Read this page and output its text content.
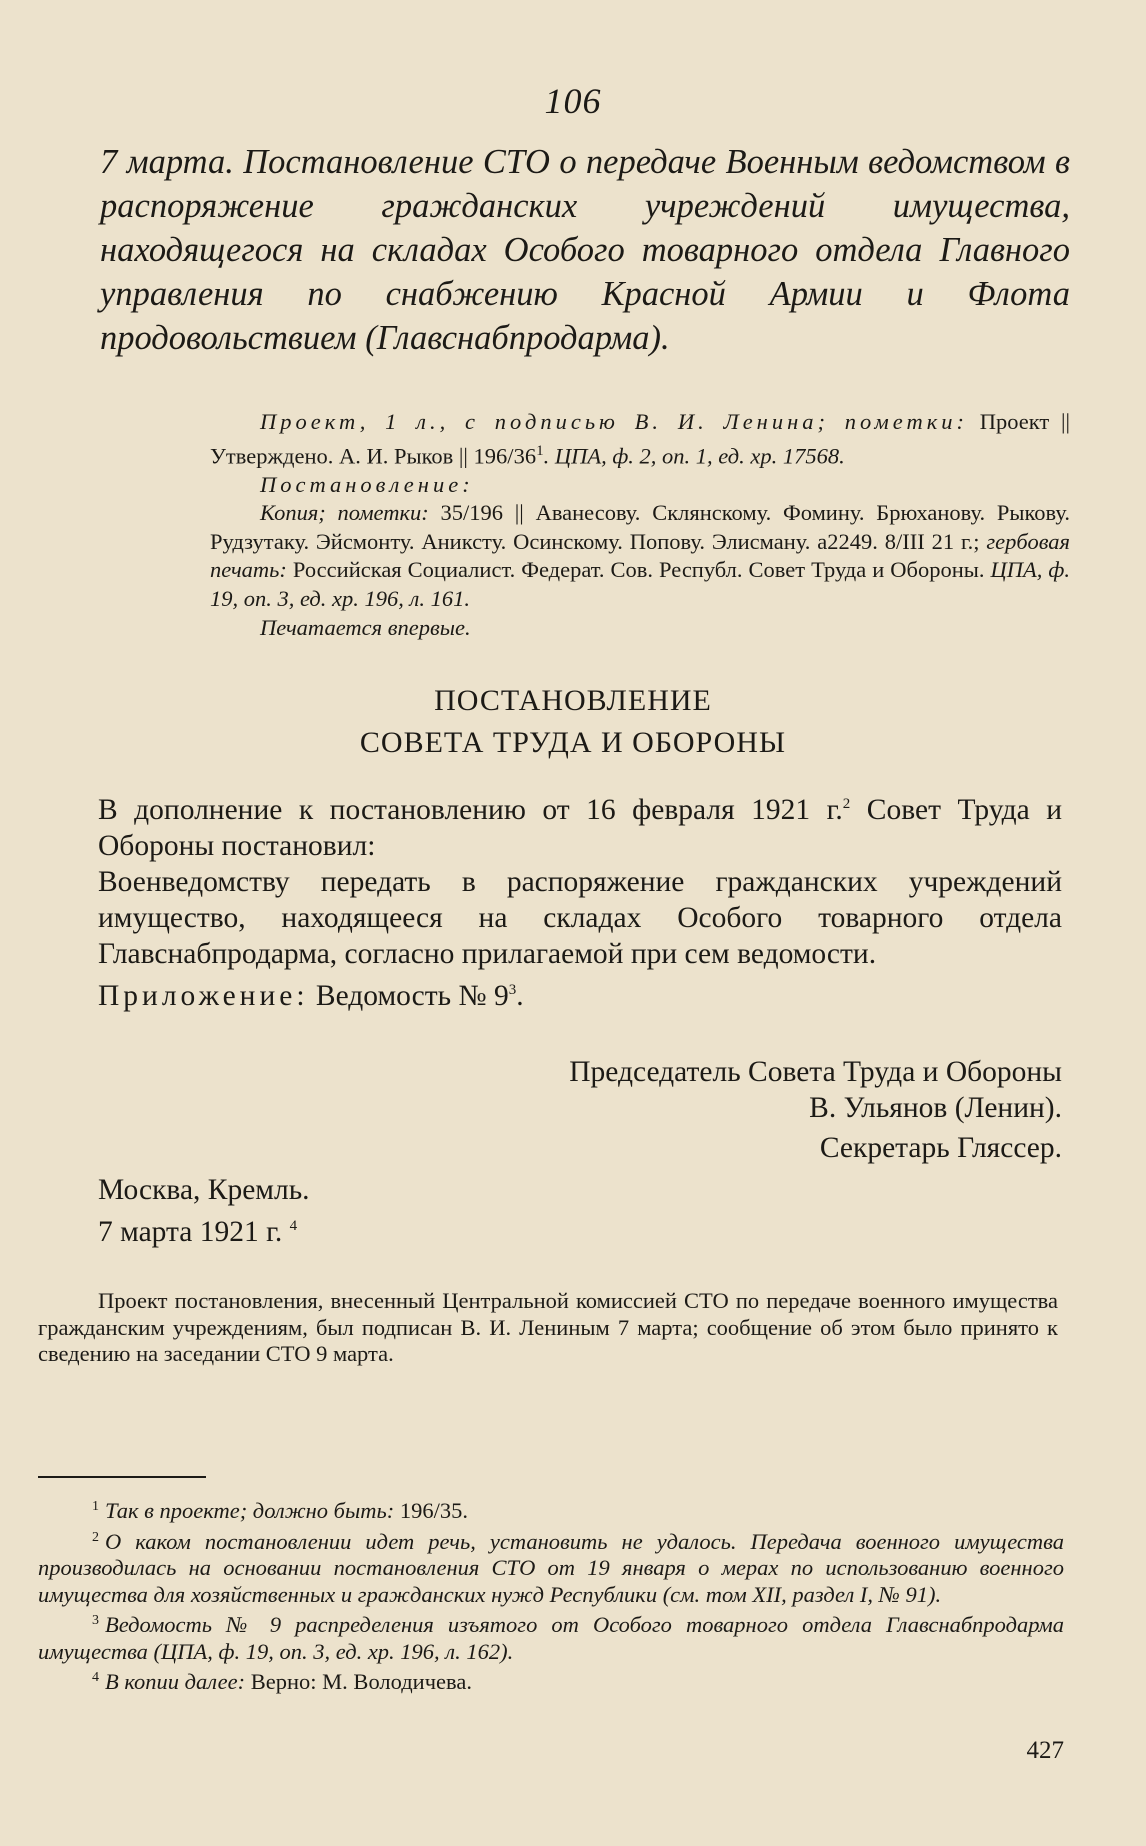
106

7 марта. Постановление СТО о передаче Военным ведомством в распоряжение гражданских учреждений имущества, находящегося на складах Особого товарного отдела Главного управления по снабжению Красной Армии и Флота продовольствием (Главснабпродарма).

Проект, 1 л., с подписью В. И. Ленина; пометки: Проект || Утверждено. А. И. Рыков || $196/36^1$. ЦПА, ф. 2, оп. 1, ед. хр. 17568.
Постановление:
Копия; пометки: 35/196 || Аванесову. Склянскому. Фомину. Брюханову. Рыкову. Рудзутаку. Эйсмонту. Аниксту. Осинскому. Попову. Элисману. а2249. 8/III 21 г.; гербовая печать: Российская Социалист. Федерат. Сов. Республ. Совет Труда и Обороны. ЦПА, ф. 19, оп. 3, ед. хр. 196, л. 161.
Печатается впервые.
ПОСТАНОВЛЕНИЕ
СОВЕТА ТРУДА И ОБОРОНЫ

В дополнение к постановлению от 16 февраля 1921 г.$^2$ Совет Труда и Обороны постановил:

Военведомству передать в распоряжение гражданских учреждений имущество, находящееся на складах Особого товарного отдела Главснабпродарма, согласно прилагаемой при сем ведомости.

Приложение: Ведомость № $9^3$.

Председатель Совета Труда и Обороны
В. Ульянов (Ленин).
Секретарь Гляссер.
Москва, Кремль.
7 марта 1921 г. $^4$

Проект постановления, внесенный Центральной комиссией СТО по передаче военного имущества гражданским учреждениям, был подписан В. И. Лениным 7 марта; сообщение об этом было принято к сведению на заседании СТО 9 марта.

$^1$ Так в проекте; должно быть: 196/35.
$^2$ О каком постановлении идет речь, установить не удалось. Передача военного имущества производилась на основании постановления СТО от 19 января о мерах по использованию военного имущества для хозяйственных и гражданских нужд Республики (см. том XII, раздел I, № 91).
$^3$ Ведомость № 9 распределения изъятого от Особого товарного отдела Главснабпродарма имущества (ЦПА, ф. 19, оп. 3, ед. хр. 196, л. 162).
$^4$ В копии далее: Верно: М. Володичева.
427
